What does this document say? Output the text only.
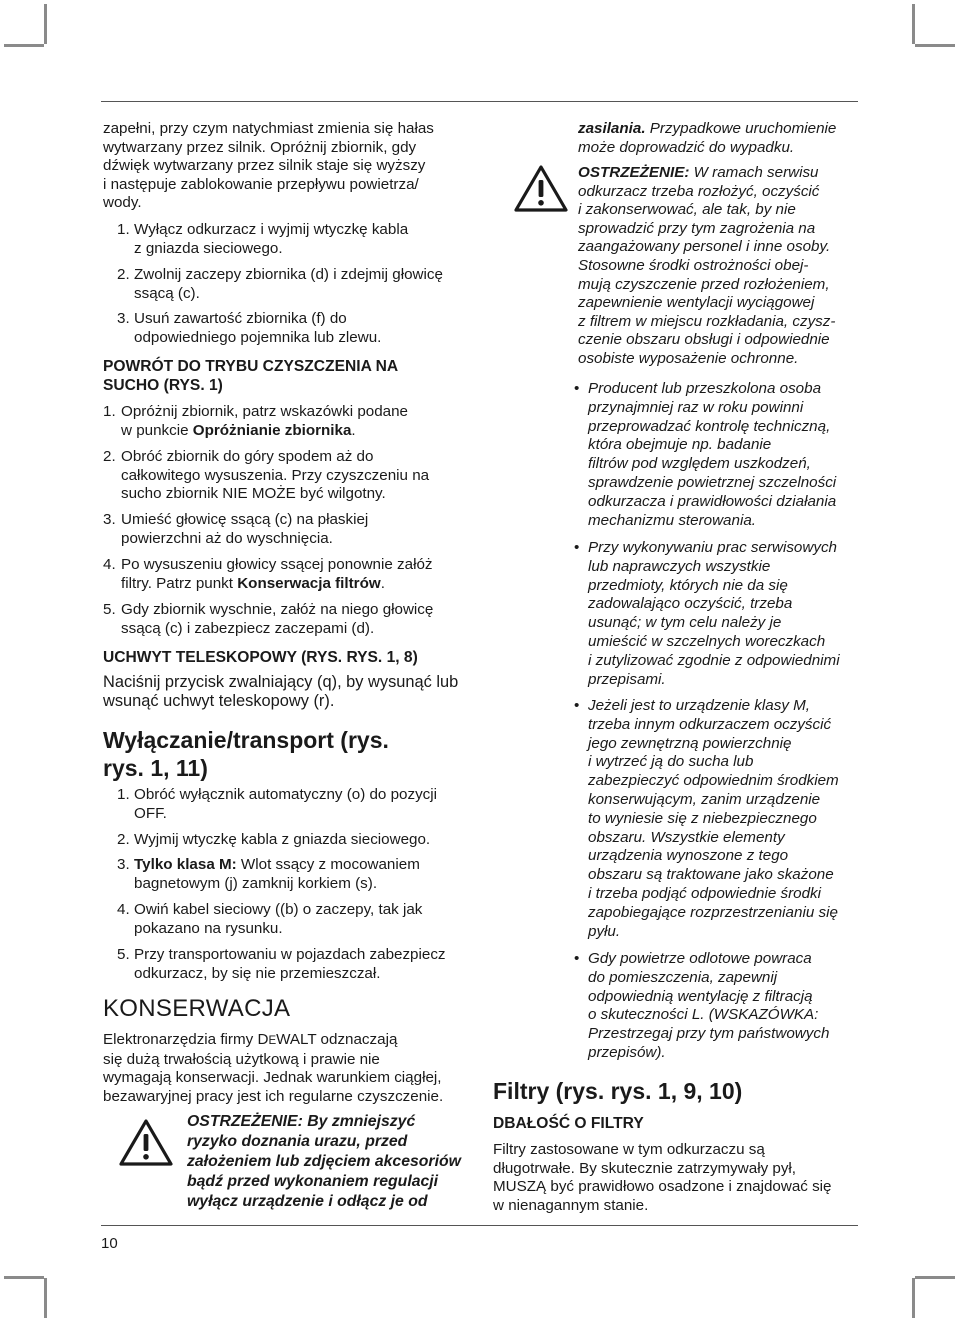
zapełni, przy czym natychmiast zmienia się hałas
wytwarzany przez silnik. Opróżnij zbiornik, gdy
dźwięk wytwarzany przez silnik staje się wyższy
i następuje zablokowanie przepływu powietrza/
wody.
1. Wyłącz odkurzacz i wyjmij wtyczkę kabla
z gniazda sieciowego.
2. Zwolnij zaczepy zbiornika (d) i zdejmij głowicę
ssącą (c).
3. Usuń zawartość zbiornika (f) do
odpowiedniego pojemnika lub zlewu.
POWRÓT DO TRYBU CZYSZCZENIA NA
SUCHO (RYS. 1)
1. Opróżnij zbiornik, patrz wskazówki podane
w punkcie Opróżnianie zbiornika.
2. Obróć zbiornik do góry spodem aż do
całkowitego wysuszenia. Przy czyszczeniu na
sucho zbiornik NIE MOŻE być wilgotny.
3. Umieść głowicę ssącą (c) na płaskiej
powierzchni aż do wyschnięcia.
4. Po wysuszeniu głowicy ssącej ponownie załóż
filtry. Patrz punkt Konserwacja filtrów.
5. Gdy zbiornik wyschnie, załóż na niego głowicę
ssącą (c) i zabezpiecz zaczepami (d).
UCHWYT TELESKOPOWY (RYS. RYS. 1, 8)
Naciśnij przycisk zwalniający (q), by wysunąć lub
wsunąć uchwyt teleskopowy (r).
Wyłączanie/transport (rys.
rys. 1, 11)
1. Obróć wyłącznik automatyczny (o) do pozycji
OFF.
2. Wyjmij wtyczkę kabla z gniazda sieciowego.
3. Tylko klasa M: Wlot ssący z mocowaniem
bagnetowym (j) zamknij korkiem (s).
4. Owiń kabel sieciowy ((b) o zaczepy, tak jak
pokazano na rysunku.
5. Przy transportowaniu w pojazdach zabezpiecz
odkurzacz, by się nie przemieszczał.
KONSERWACJA
Elektronarzędzia firmy DEWALT odznaczają
się dużą trwałością użytkową i prawie nie
wymagają konserwacji. Jednak warunkiem ciągłej,
bezawaryjnej pracy jest ich regularne czyszczenie.
OSTRZEŻENIE: By zmniejszyć
ryzyko doznania urazu, przed
założeniem lub zdjęciem akcesoriów
bądź przed wykonaniem regulacji
wyłącz urządzenie i odłącz je od
zasilania. Przypadkowe uruchomienie
może doprowadzić do wypadku.
OSTRZEŻENIE: W ramach serwisu
odkurzacz trzeba rozłożyć, oczyścić
i zakonserwować, ale tak, by nie
sprowadzić przy tym zagrożenia na
zaangażowany personel i inne osoby.
Stosowne środki ostrożności obej-
mują czyszczenie przed rozłożeniem,
zapewnienie wentylacji wyciągowej
z filtrem w miejscu rozkładania, czysz-
czenie obszaru obsługi i odpowiednie
osobiste wyposażenie ochronne.
• Producent lub przeszkolona osoba
przynajmniej raz w roku powinni
przeprowadzać kontrolę techniczną,
która obejmuje np. badanie
filtrów pod względem uszkodzeń,
sprawdzenie powietrznej szczelności
odkurzacza i prawidłowości działania
mechanizmu sterowania.
• Przy wykonywaniu prac serwisowych
lub naprawczych wszystkie
przedmioty, których nie da się
zadowalająco oczyścić, trzeba
usunąć; w tym celu należy je
umieścić w szczelnych woreczkach
i zutylizować zgodnie z odpowiednimi
przepisami.
• Jeżeli jest to urządzenie klasy M,
trzeba innym odkurzaczem oczyścić
jego zewnętrzną powierzchnię
i wytrzeć ją do sucha lub
zabezpieczyć odpowiednim środkiem
konserwującym, zanim urządzenie
to wyniesie się z niebezpiecznego
obszaru. Wszystkie elementy
urządzenia wynoszone z tego
obszaru są traktowane jako skażone
i trzeba podjąć odpowiednie środki
zapobiegające rozprzestrzenianiu się
pyłu.
• Gdy powietrze odlotowe powraca
do pomieszczenia, zapewnij
odpowiednią wentylację z filtracją
o skuteczności L. (WSKAZÓWKA:
Przestrzegaj przy tym państwowych
przepisów).
Filtry (rys. rys. 1, 9, 10)
DBAŁOŚĆ O FILTRY
Filtry zastosowane w tym odkurzaczu są
długotrwałe. By skutecznie zatrzymywały pył,
MUSZĄ być prawidłowo osadzone i znajdować się
w nienagannym stanie.
10
